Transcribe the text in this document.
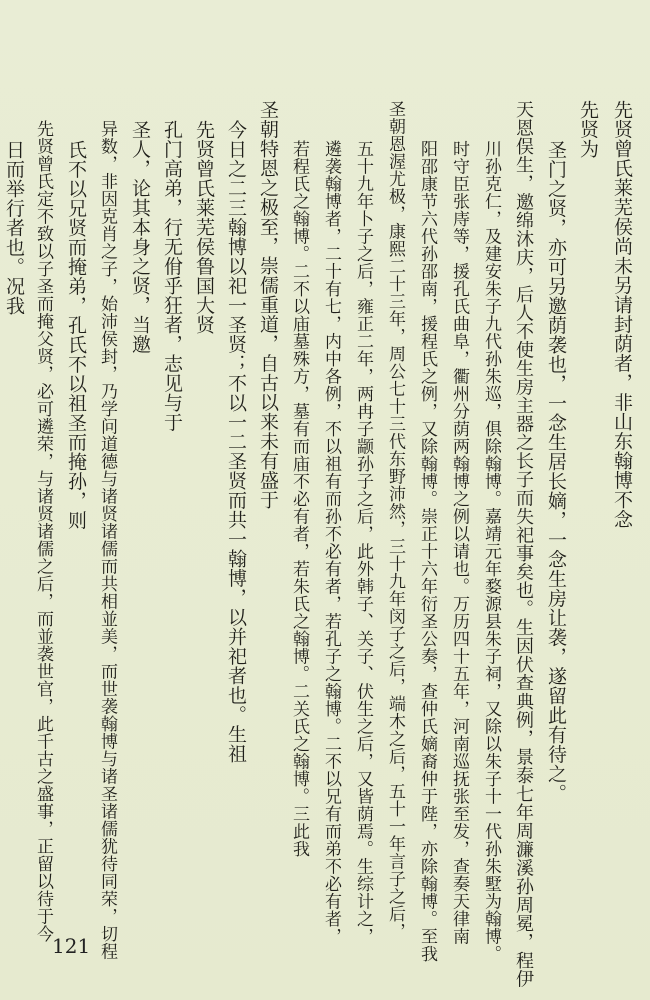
先贤曾氏莱芜侯尚未另请封荫者，非山东翰博不念
先贤为
圣门之贤，亦可另邀荫袭也，一念生居长嫡，一念生房让袭，遂留此有待之。
天恩俣生，邀绵沐庆，后人不使生房主器之长子而失祀事矣也。生因伏查典例，景泰七年周濂溪孙周冕，程伊
川孙克仁，及建安朱子九代孙朱巡，俱除翰博。嘉靖元年婺源县朱子祠，又除以朱子十一代孙朱墅为翰博。
时守臣张庤等，援孔氏曲阜，衢州分荫两翰博之例以请也。万历四十五年，河南巡抚张至发，查奏天律南
阳邵康节六代孙邵南，援程氏之例，又除翰博。崇正十六年衍圣公奏，查仲氏嫡裔仲于陛，亦除翰博。至我
圣朝恩渥尤极，康熙二十三年，周公七十三代东野沛然，三十九年闵子之后，端木之后，五十一年言子之后，
五十九年卜子之后，雍正二年，两冉子颛孙子之后，此外韩子、关子、伏生之后，又皆荫焉。生综计之，
遴袭翰博者，二十有七，内中各例，不以祖有而孙不必有者，若孔子之翰博。二不以兄有而弟不必有者，
若程氏之翰博。二不以庙墓殊方，墓有而庙不必有者，若朱氏之翰博。二关氏之翰博。三此我
圣朝特恩之极至，崇儒重道，自古以来未有盛于
今日之二三翰博以祀一圣贤；不以一二圣贤而共一翰博，以并祀者也。生祖
先贤曾氏莱芜侯鲁国大贤
孔门高弟，行无佾乎狂者，志见与于
圣人，论其本身之贤，当邀
异数，非因克肖之子，始沛侯封，乃学问道德与诸贤诸儒而共相並美，而世袭翰博与诸圣诸儒犹待同荣，切程
氏不以兄贤而掩弟，孔氏不以祖圣而掩孙，则
先贤曾氏定不致以子圣而掩父贤，必可遴荣，与诸贤诸儒之后，而並袭世官，此千古之盛事，正留以待于今
日而举行者也。况我
121
